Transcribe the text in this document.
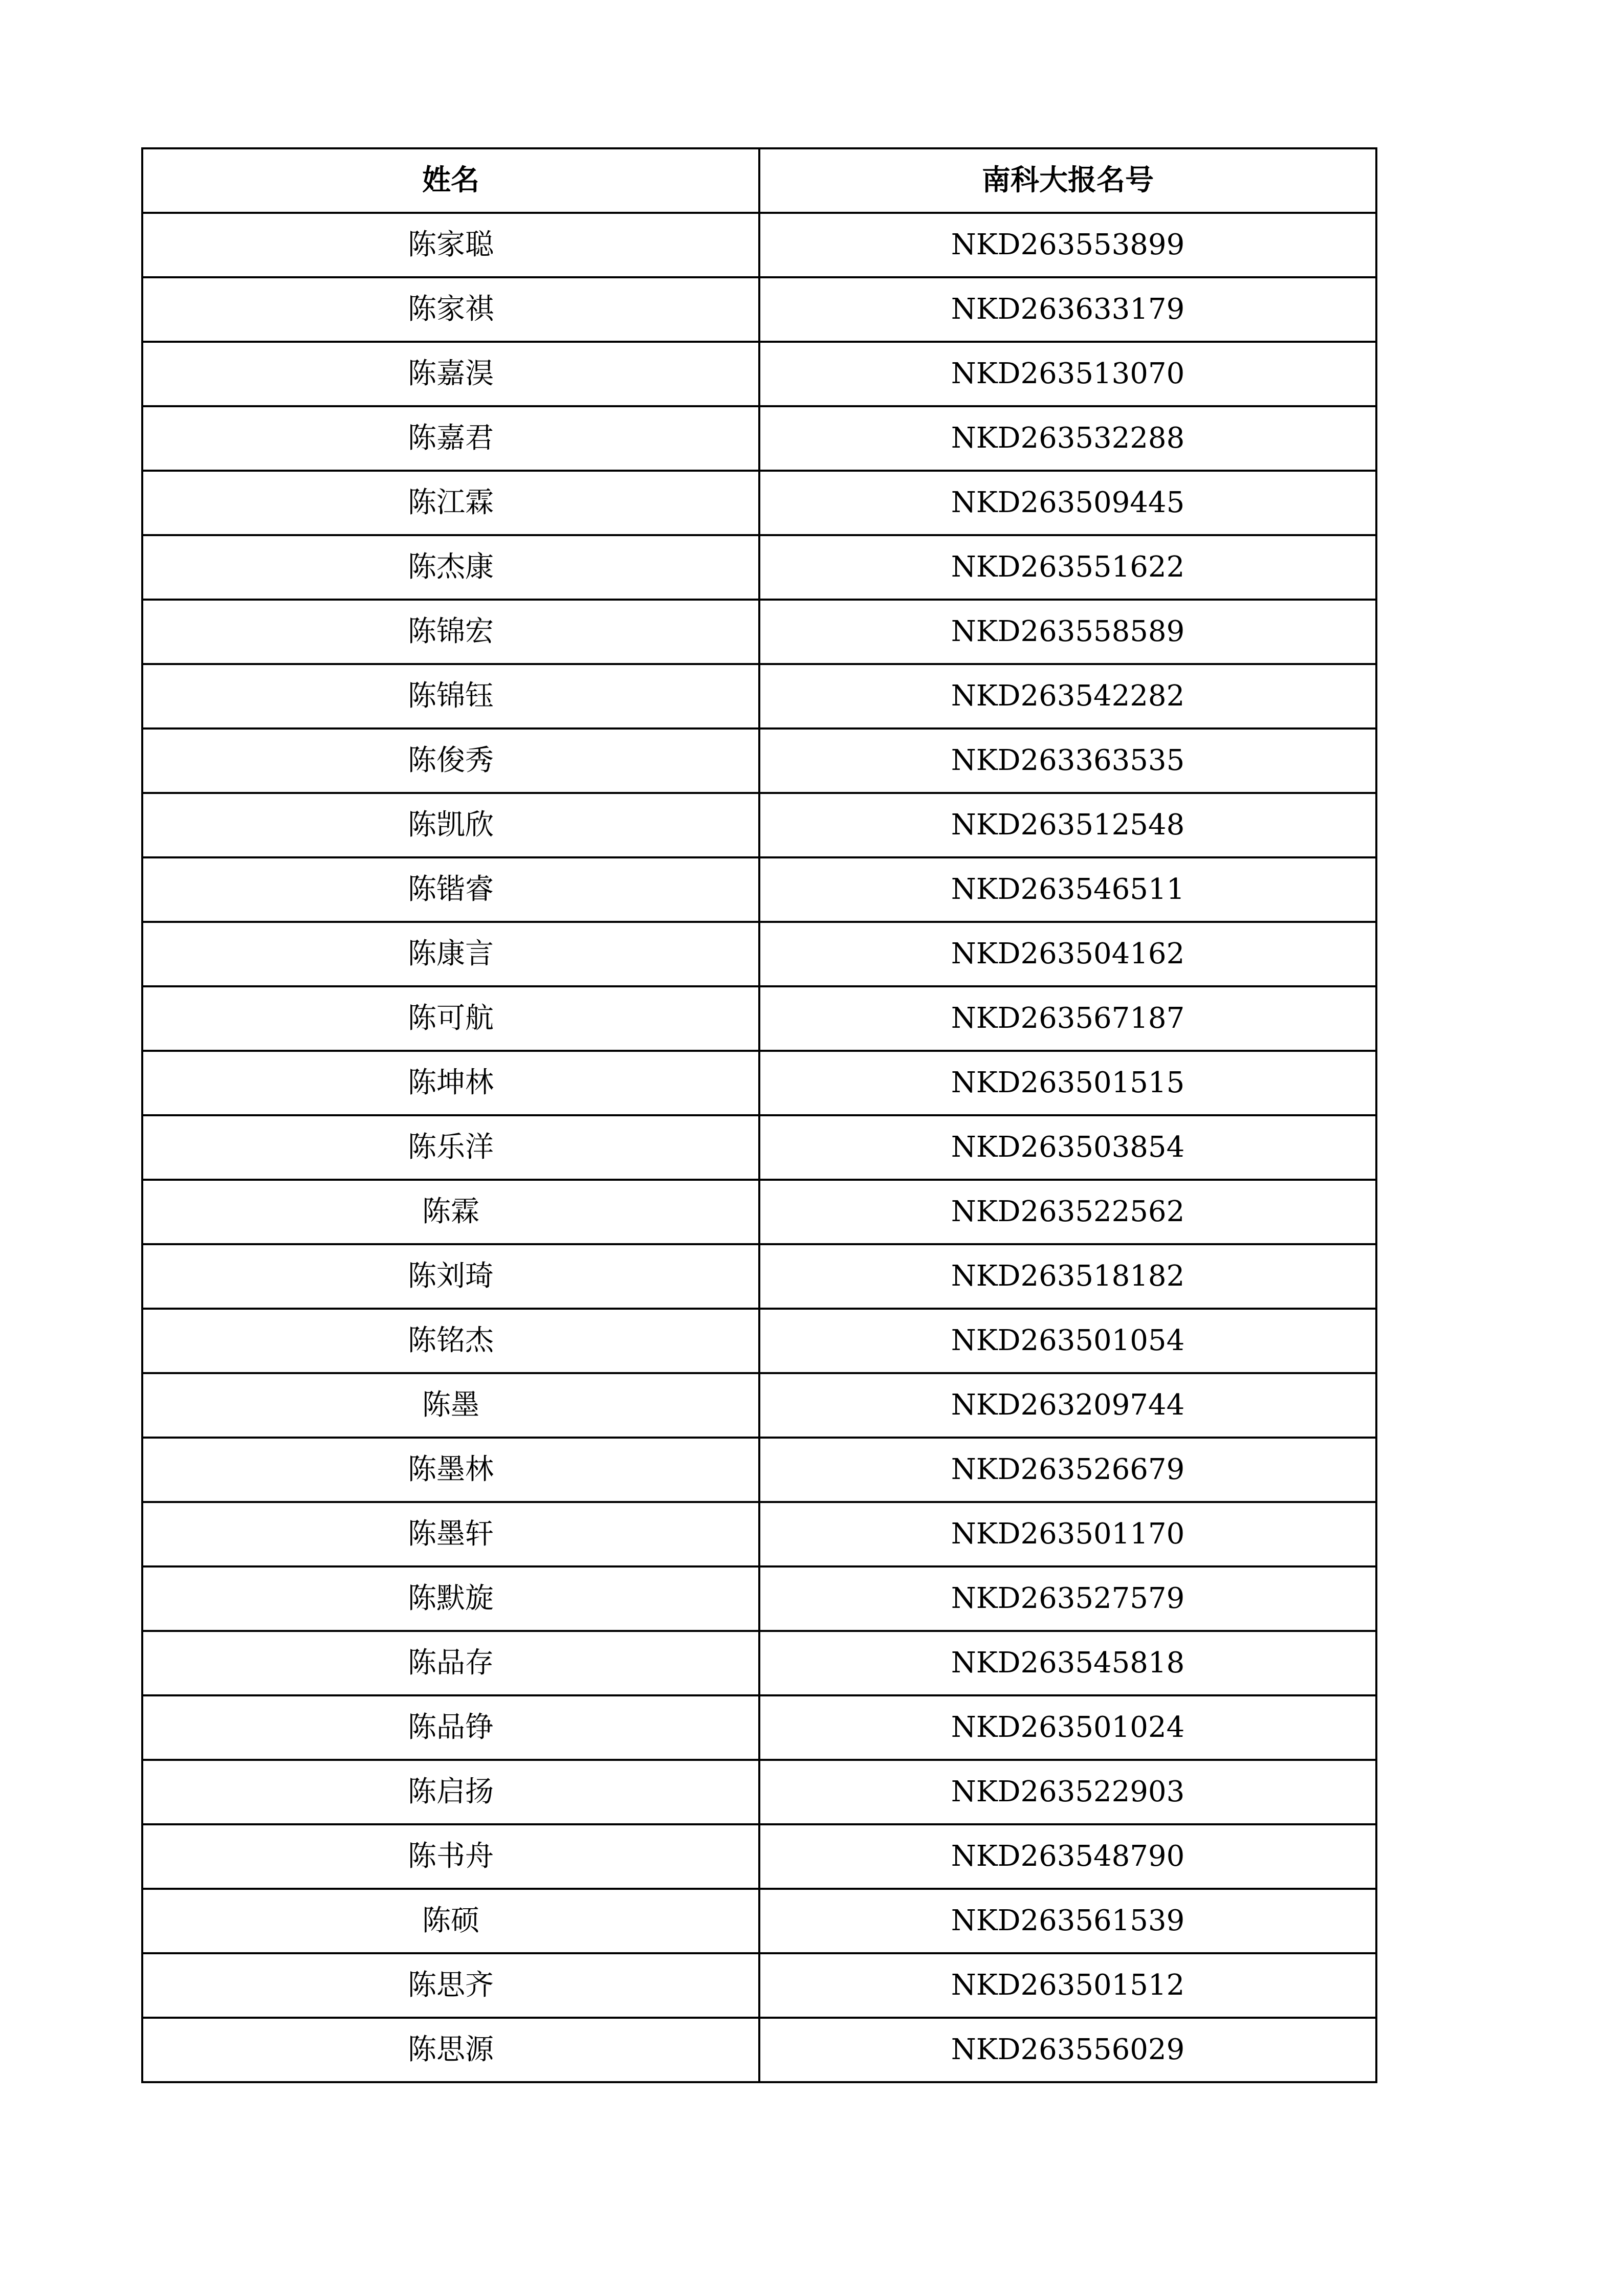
姓名	南科大报名号
陈家聪	NKD263553899
陈家祺	NKD263633179
陈嘉淏	NKD263513070
陈嘉君	NKD263532288
陈江霖	NKD263509445
陈杰康	NKD263551622
陈锦宏	NKD263558589
陈锦钰	NKD263542282
陈俊秀	NKD263363535
陈凯欣	NKD263512548
陈锴睿	NKD263546511
陈康言	NKD263504162
陈可航	NKD263567187
陈坤林	NKD263501515
陈乐洋	NKD263503854
陈霖	NKD263522562
陈刘琦	NKD263518182
陈铭杰	NKD263501054
陈墨	NKD263209744
陈墨林	NKD263526679
陈墨轩	NKD263501170
陈默旋	NKD263527579
陈品存	NKD263545818
陈品铮	NKD263501024
陈启扬	NKD263522903
陈书舟	NKD263548790
陈硕	NKD263561539
陈思齐	NKD263501512
陈思源	NKD263556029
